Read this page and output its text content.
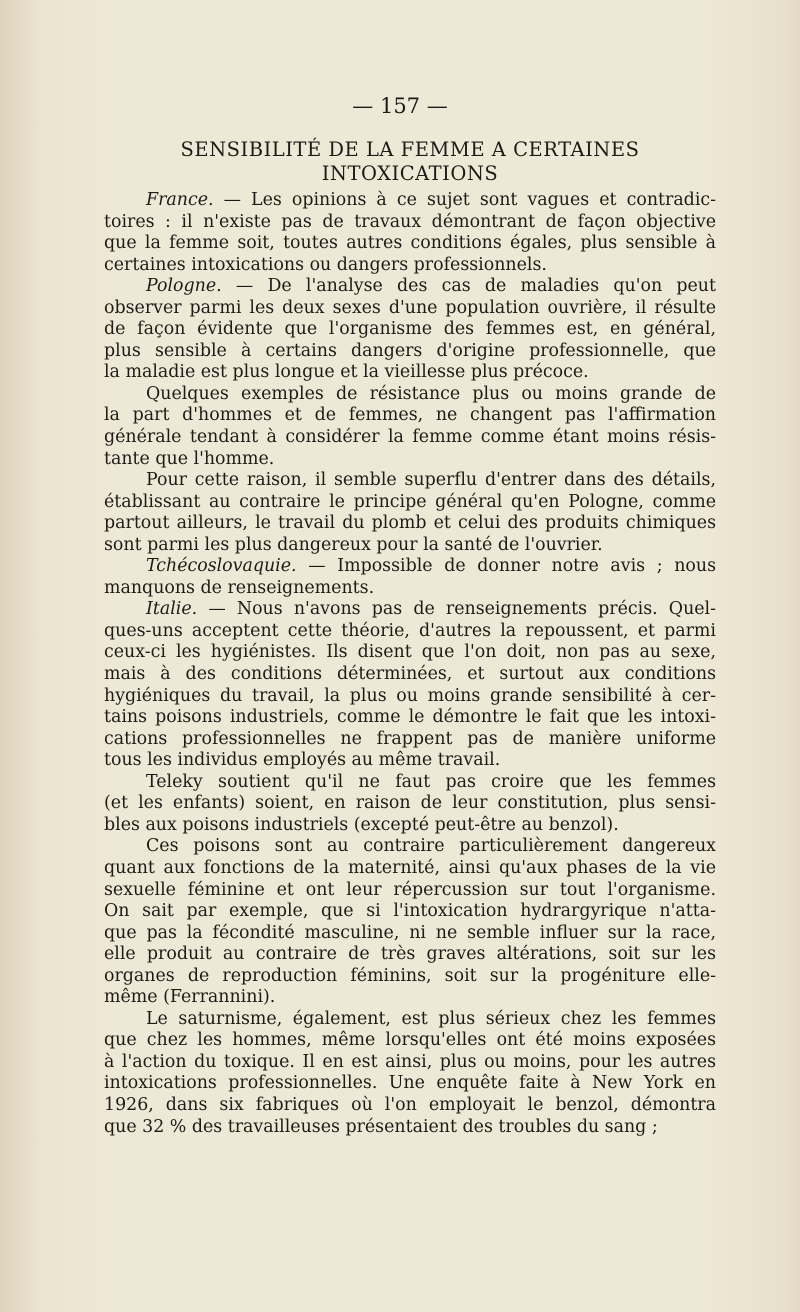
— 157 —
SENSIBILITÉ DE LA FEMME A CERTAINES
INTOXICATIONS
France. — Les opinions à ce sujet sont vagues et contradic-
toires : il n'existe pas de travaux démontrant de façon objective
que la femme soit, toutes autres conditions égales, plus sensible à
certaines intoxications ou dangers professionnels.
Pologne. — De l'analyse des cas de maladies qu'on peut
observer parmi les deux sexes d'une population ouvrière, il résulte
de façon évidente que l'organisme des femmes est, en général,
plus sensible à certains dangers d'origine professionnelle, que
la maladie est plus longue et la vieillesse plus précoce.
Quelques exemples de résistance plus ou moins grande de
la part d'hommes et de femmes, ne changent pas l'affirmation
générale tendant à considérer la femme comme étant moins résis-
tante que l'homme.
Pour cette raison, il semble superflu d'entrer dans des détails,
établissant au contraire le principe général qu'en Pologne, comme
partout ailleurs, le travail du plomb et celui des produits chimiques
sont parmi les plus dangereux pour la santé de l'ouvrier.
Tchécoslovaquie. — Impossible de donner notre avis ; nous
manquons de renseignements.
Italie. — Nous n'avons pas de renseignements précis. Quel-
ques-uns acceptent cette théorie, d'autres la repoussent, et parmi
ceux-ci les hygiénistes. Ils disent que l'on doit, non pas au sexe,
mais à des conditions déterminées, et surtout aux conditions
hygiéniques du travail, la plus ou moins grande sensibilité à cer-
tains poisons industriels, comme le démontre le fait que les intoxi-
cations professionnelles ne frappent pas de manière uniforme
tous les individus employés au même travail.
Teleky soutient qu'il ne faut pas croire que les femmes
(et les enfants) soient, en raison de leur constitution, plus sensi-
bles aux poisons industriels (excepté peut-être au benzol).
Ces poisons sont au contraire particulièrement dangereux
quant aux fonctions de la maternité, ainsi qu'aux phases de la vie
sexuelle féminine et ont leur répercussion sur tout l'organisme.
On sait par exemple, que si l'intoxication hydrargyrique n'atta-
que pas la fécondité masculine, ni ne semble influer sur la race,
elle produit au contraire de très graves altérations, soit sur les
organes de reproduction féminins, soit sur la progéniture elle-
même (Ferrannini).
Le saturnisme, également, est plus sérieux chez les femmes
que chez les hommes, même lorsqu'elles ont été moins exposées
à l'action du toxique. Il en est ainsi, plus ou moins, pour les autres
intoxications professionnelles. Une enquête faite à New York en
1926, dans six fabriques où l'on employait le benzol, démontra
que 32 % des travailleuses présentaient des troubles du sang ;
